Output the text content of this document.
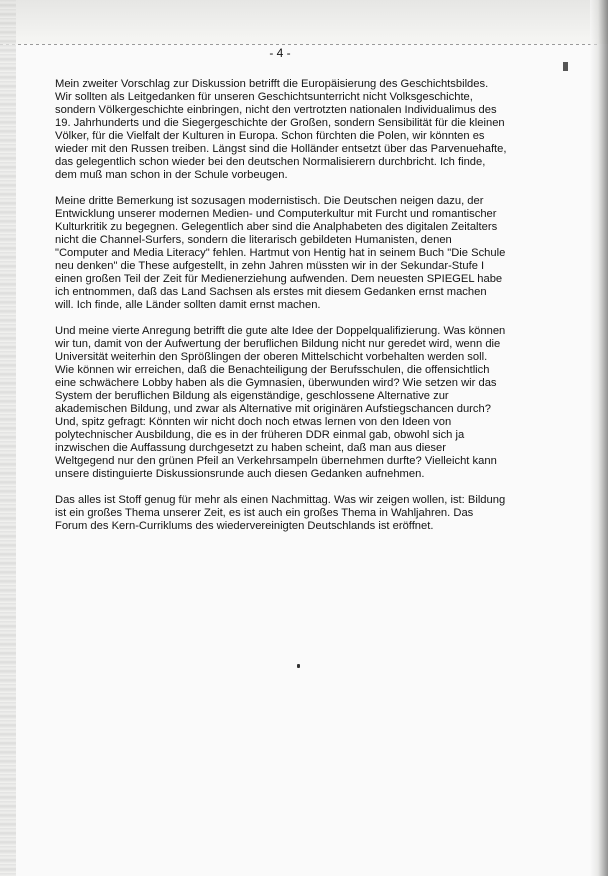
- 4 -

Mein zweiter Vorschlag zur Diskussion betrifft die Europäisierung des Geschichtsbildes. Wir sollten als Leitgedanken für unseren Geschichtsunterricht nicht Volksgeschichte, sondern Völkergeschichte einbringen, nicht den vertrotzten nationalen Individualimus des 19. Jahrhunderts und die Siegergeschichte der Großen, sondern Sensibilität für die kleinen Völker, für die Vielfalt der Kulturen in Europa. Schon fürchten die Polen, wir könnten es wieder mit den Russen treiben. Längst sind die Holländer entsetzt über das Parvenuehafte, das gelegentlich schon wieder bei den deutschen Normalisierern durchbricht. Ich finde, dem muß man schon in der Schule vorbeugen.

Meine dritte Bemerkung ist sozusagen modernistisch. Die Deutschen neigen dazu, der Entwicklung unserer modernen Medien- und Computerkultur mit Furcht und romantischer Kulturkritik zu begegnen. Gelegentlich aber sind die Analphabeten des digitalen Zeitalters nicht die Channel-Surfers, sondern die literarisch gebildeten Humanisten, denen "Computer and Media Literacy" fehlen. Hartmut von Hentig hat in seinem Buch "Die Schule neu denken" die These aufgestellt, in zehn Jahren müssten wir in der Sekundar-Stufe I einen großen Teil der Zeit für Medienerziehung aufwenden. Dem neuesten SPIEGEL habe ich entnommen, daß das Land Sachsen als erstes mit diesem Gedanken ernst machen will. Ich finde, alle Länder sollten damit ernst machen.

Und meine vierte Anregung betrifft die gute alte Idee der Doppelqualifizierung. Was können wir tun, damit von der Aufwertung der beruflichen Bildung nicht nur geredet wird, wenn die Universität weiterhin den Sprößlingen der oberen Mittelschicht vorbehalten werden soll. Wie können wir erreichen, daß die Benachteiligung der Berufsschulen, die offensichtlich eine schwächere Lobby haben als die Gymnasien, überwunden wird? Wie setzen wir das System der beruflichen Bildung als eigenständige, geschlossene Alternative zur akademischen Bildung, und zwar als Alternative mit originären Aufstiegschancen durch? Und, spitz gefragt: Könnten wir nicht doch noch etwas lernen von den Ideen von polytechnischer Ausbildung, die es in der früheren DDR einmal gab, obwohl sich ja inzwischen die Auffassung durchgesetzt zu haben scheint, daß man aus dieser Weltgegend nur den grünen Pfeil an Verkehrsampeln übernehmen durfte? Vielleicht kann unsere distinguierte Diskussionsrunde auch diesen Gedanken aufnehmen.

Das alles ist Stoff genug für mehr als einen Nachmittag. Was wir zeigen wollen, ist: Bildung ist ein großes Thema unserer Zeit, es ist auch ein großes Thema in Wahljahren. Das Forum des Kern-Curriklums des wiedervereinigten Deutschlands ist eröffnet.
